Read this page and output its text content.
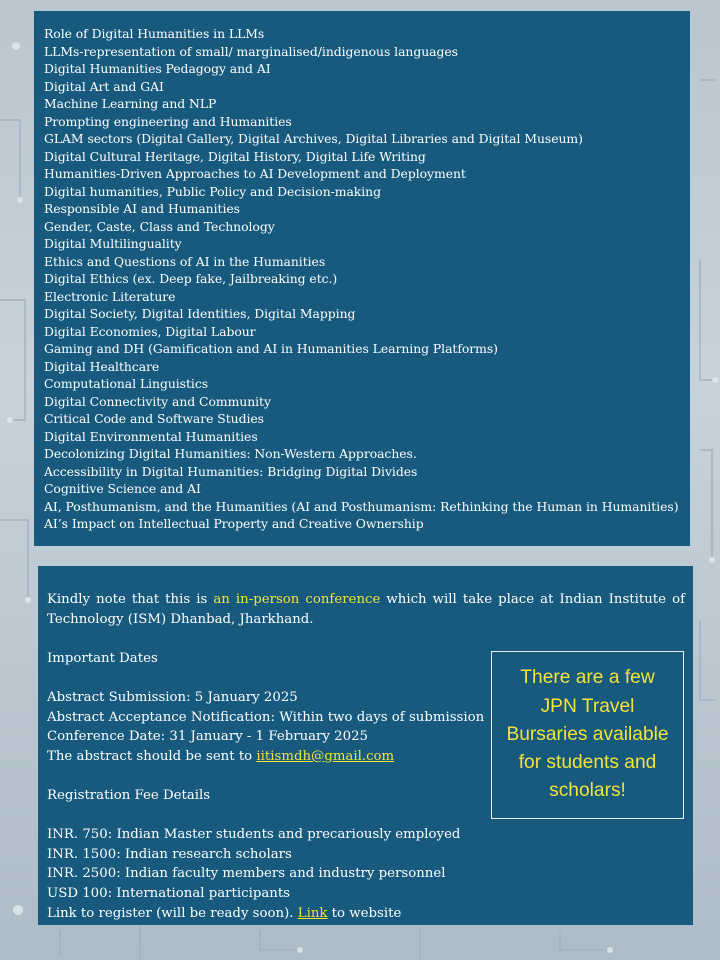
Role of Digital Humanities in LLMs
LLMs-representation of small/ marginalised/indigenous languages
Digital Humanities Pedagogy and AI
Digital Art and GAI
Machine Learning and NLP
Prompting engineering and Humanities
GLAM sectors (Digital Gallery, Digital Archives, Digital Libraries and Digital Museum)
Digital Cultural Heritage, Digital History, Digital Life Writing
Humanities-Driven Approaches to AI Development and Deployment
Digital humanities, Public Policy and Decision-making
Responsible AI and Humanities
Gender, Caste, Class and Technology
Digital Multilinguality
Ethics and Questions of AI in the Humanities
Digital Ethics (ex. Deep fake, Jailbreaking etc.)
Electronic Literature
Digital Society, Digital Identities, Digital Mapping
Digital Economies, Digital Labour
Gaming and DH (Gamification and AI in Humanities Learning Platforms)
Digital Healthcare
Computational Linguistics
Digital Connectivity and Community
Critical Code and Software Studies
Digital Environmental Humanities
Decolonizing Digital Humanities: Non-Western Approaches.
Accessibility in Digital Humanities: Bridging Digital Divides
Cognitive Science and AI
AI, Posthumanism, and the Humanities (AI and Posthumanism: Rethinking the Human in Humanities)
AI’s Impact on Intellectual Property and Creative Ownership

Kindly note that this is an in-person conference which will take place at Indian Institute of Technology (ISM) Dhanbad, Jharkhand.

Important Dates

Abstract Submission: 5 January 2025

Abstract Acceptance Notification: Within two days of submission

Conference Date: 31 January - 1 February 2025

The abstract should be sent to iitismdh@gmail.com

Registration Fee Details

INR. 750: Indian Master students and precariously employed

INR. 1500: Indian research scholars

INR. 2500: Indian faculty members and industry personnel

USD 100: International participants

Link to register (will be ready soon). Link to website

There are a few JPN Travel Bursaries available for students and scholars!
